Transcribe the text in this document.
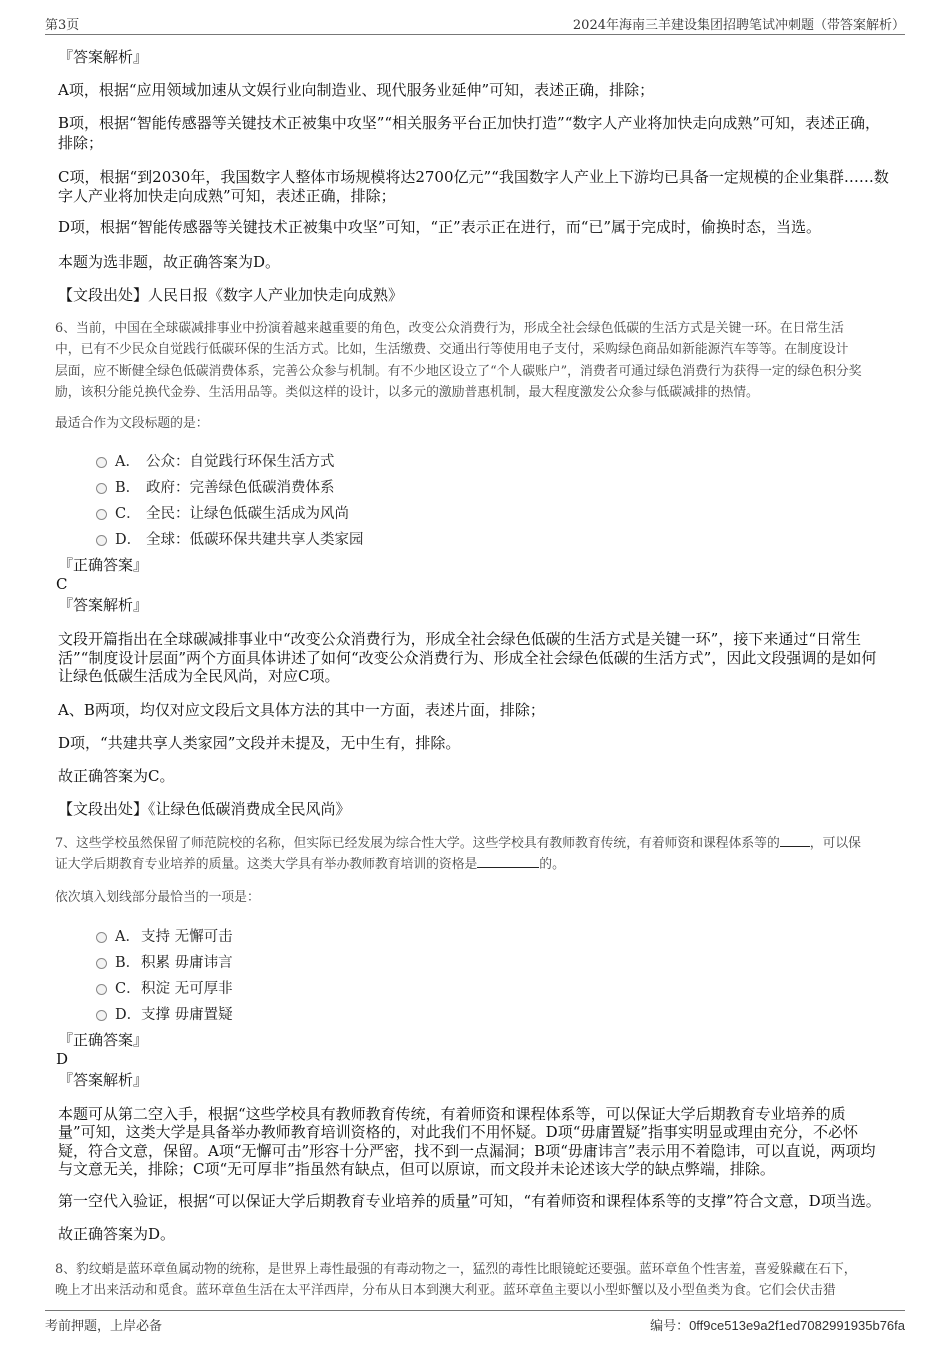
第3页	2024年海南三羊建设集团招聘笔试冲刺题（带答案解析）
『答案解析』
A项，根据“应用领域加速从文娱行业向制造业、现代服务业延伸”可知，表述正确，排除；
B项，根据“智能传感器等关键技术正被集中攻坚”“相关服务平台正加快打造”“数字人产业将加快走向成熟”可知，表述正确，
排除；
C项，根据“到2030年，我国数字人整体市场规模将达2700亿元”“我国数字人产业上下游均已具备一定规模的企业集群……数
字人产业将加快走向成熟”可知，表述正确，排除；
D项，根据“智能传感器等关键技术正被集中攻坚”可知，“正”表示正在进行，而“已”属于完成时，偷换时态，当选。
本题为选非题，故正确答案为D。
【文段出处】人民日报《数字人产业加快走向成熟》
6、当前，中国在全球碳减排事业中扮演着越来越重要的角色，改变公众消费行为，形成全社会绿色低碳的生活方式是关键一环。在日常生活
中，已有不少民众自觉践行低碳环保的生活方式。比如，生活缴费、交通出行等使用电子支付，采购绿色商品如新能源汽车等等。在制度设计
层面，应不断健全绿色低碳消费体系，完善公众参与机制。有不少地区设立了“个人碳账户”，消费者可通过绿色消费行为获得一定的绿色积分奖
励，该积分能兑换代金券、生活用品等。类似这样的设计，以多元的激励普惠机制，最大程度激发公众参与低碳减排的热情。
最适合作为文段标题的是：
A． 公众：自觉践行环保生活方式
B． 政府：完善绿色低碳消费体系
C． 全民：让绿色低碳生活成为风尚
D． 全球：低碳环保共建共享人类家园
『正确答案』
C
『答案解析』
文段开篇指出在全球碳减排事业中“改变公众消费行为，形成全社会绿色低碳的生活方式是关键一环”，接下来通过“日常生
活”“制度设计层面”两个方面具体讲述了如何“改变公众消费行为、形成全社会绿色低碳的生活方式”，因此文段强调的是如何
让绿色低碳生活成为全民风尚，对应C项。
A、B两项，均仅对应文段后文具体方法的其中一方面，表述片面，排除；
D项，“共建共享人类家园”文段并未提及，无中生有，排除。
故正确答案为C。
【文段出处】《让绿色低碳消费成全民风尚》
7、这些学校虽然保留了师范院校的名称，但实际已经发展为综合性大学。这些学校具有教师教育传统，有着师资和课程体系等的 ，可以保
证大学后期教育专业培养的质量。这类大学具有举办教师教育培训的资格是	的。
依次填入划线部分最恰当的一项是：
A． 支持 无懈可击
B． 积累 毋庸讳言
C． 积淀 无可厚非
D． 支撑 毋庸置疑
『正确答案』
D
『答案解析』
本题可从第二空入手，根据“这些学校具有教师教育传统，有着师资和课程体系等，可以保证大学后期教育专业培养的质
量”可知，这类大学是具备举办教师教育培训资格的，对此我们不用怀疑。D项“毋庸置疑”指事实明显或理由充分，不必怀
疑，符合文意，保留。A项“无懈可击”形容十分严密，找不到一点漏洞；B项“毋庸讳言”表示用不着隐讳，可以直说，两项均
与文意无关，排除；C项“无可厚非”指虽然有缺点，但可以原谅，而文段并未论述该大学的缺点弊端，排除。
第一空代入验证，根据“可以保证大学后期教育专业培养的质量”可知，“有着师资和课程体系等的支撑”符合文意，D项当选。
故正确答案为D。
8、豹纹蛸是蓝环章鱼属动物的统称，是世界上毒性最强的有毒动物之一，猛烈的毒性比眼镜蛇还要强。蓝环章鱼个性害羞，喜爱躲藏在石下，
晚上才出来活动和觅食。蓝环章鱼生活在太平洋西岸，分布从日本到澳大利亚。蓝环章鱼主要以小型虾蟹以及小型鱼类为食。它们会伏击猎
考前押题，上岸必备	编号：0ff9ce513e9a2f1ed7082991935b76fa
